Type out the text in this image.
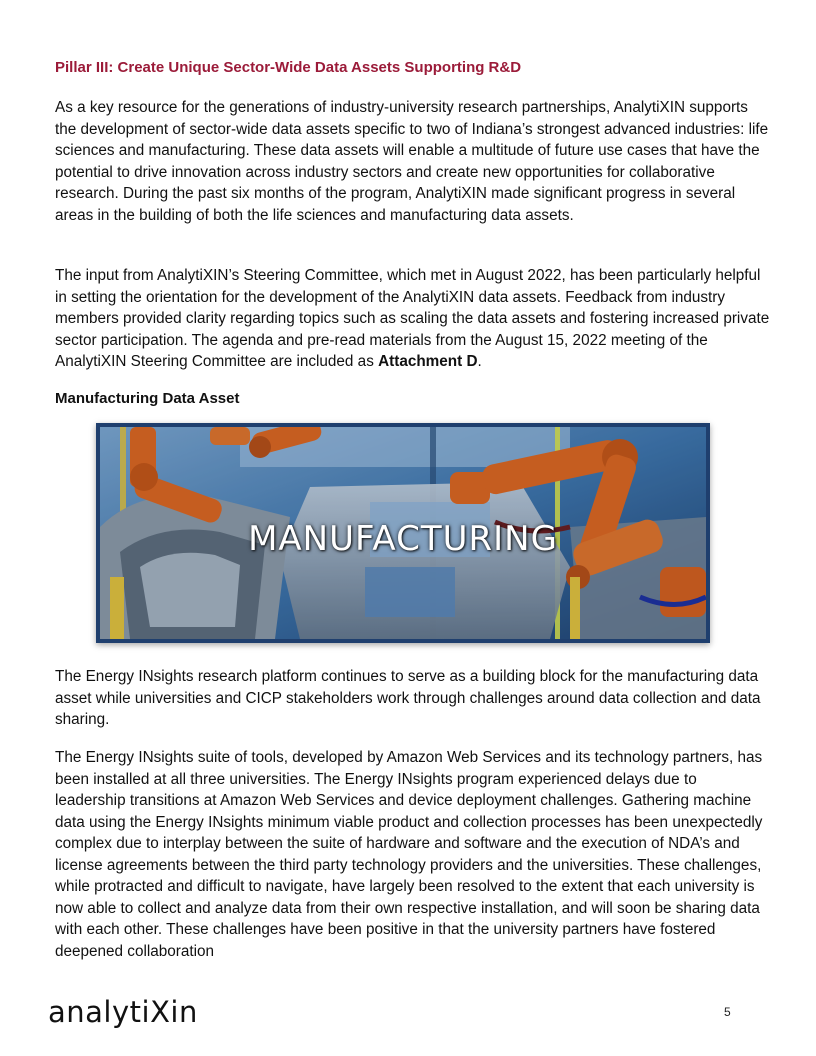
Pillar III: Create Unique Sector-Wide Data Assets Supporting R&D

As a key resource for the generations of industry-university research partnerships, AnalytiXIN supports the development of sector-wide data assets specific to two of Indiana’s strongest advanced industries: life sciences and manufacturing. These data assets will enable a multitude of future use cases that have the potential to drive innovation across industry sectors and create new opportunities for collaborative research. During the past six months of the program, AnalytiXIN made significant progress in several areas in the building of both the life sciences and manufacturing data assets.

The input from AnalytiXIN’s Steering Committee, which met in August 2022, has been particularly helpful in setting the orientation for the development of the AnalytiXIN data assets. Feedback from industry members provided clarity regarding topics such as scaling the data assets and fostering increased private sector participation. The agenda and pre-read materials from the August 15, 2022 meeting of the AnalytiXIN Steering Committee are included as Attachment D.

Manufacturing Data Asset
MANUFACTURING

The Energy INsights research platform continues to serve as a building block for the manufacturing data asset while universities and CICP stakeholders work through challenges around data collection and data sharing.

The Energy INsights suite of tools, developed by Amazon Web Services and its technology partners, has been installed at all three universities. The Energy INsights program experienced delays due to leadership transitions at Amazon Web Services and device deployment challenges. Gathering machine data using the Energy INsights minimum viable product and collection processes has been unexpectedly complex due to interplay between the suite of hardware and software and the execution of NDA’s and license agreements between the third party technology providers and the universities. These challenges, while protracted and difficult to navigate, have largely been resolved to the extent that each university is now able to collect and analyze data from their own respective installation, and will soon be sharing data with each other. These challenges have been positive in that the university partners have fostered deepened collaboration

analytiXin	5
